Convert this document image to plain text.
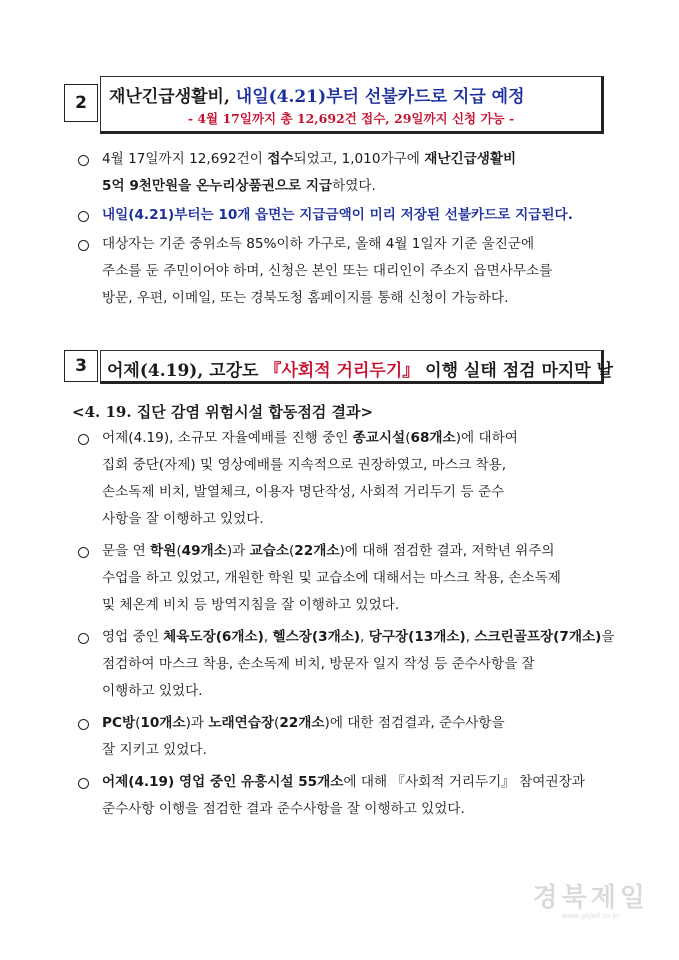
2	재난긴급생활비, 내일(4.21)부터 선불카드로 지급 예정
- 4월 17일까지 총 12,692건 접수, 29일까지 신청 가능 -
4월 17일까지 12,692건이 접수되었고, 1,010가구에 재난긴급생활비
5억 9천만원을 온누리상품권으로 지급하였다.
내일(4.21)부터는 10개 읍면는 지급금액이 미리 저장된 선불카드로 지급된다.
대상자는 기준 중위소득 85%이하 가구로, 올해 4월 1일자 기준 울진군에
주소를 둔 주민이어야 하며, 신청은 본인 또는 대리인이 주소지 읍면사무소를
방문, 우편, 이메일, 또는 경북도청 홈페이지를 통해 신청이 가능하다.
3	어제(4.19), 고강도 『사회적 거리두기』 이행 실태 점검 마지막 날
<4. 19. 집단 감염 위험시설 합동점검 결과>
어제(4.19), 소규모 자율예배를 진행 중인 종교시설(68개소)에 대하여
집회 중단(자제) 및 영상예배를 지속적으로 권장하였고, 마스크 착용,
손소독제 비치, 발열체크, 이용자 명단작성, 사회적 거리두기 등 준수
사항을 잘 이행하고 있었다.
문을 연 학원(49개소)과 교습소(22개소)에 대해 점검한 결과, 저학년 위주의
수업을 하고 있었고, 개원한 학원 및 교습소에 대해서는 마스크 착용, 손소독제
및 체온계 비치 등 방역지침을 잘 이행하고 있었다.
영업 중인 체육도장(6개소), 헬스장(3개소), 당구장(13개소), 스크린골프장(7개소)을
점검하여 마스크 착용, 손소독제 비치, 방문자 일지 작성 등 준수사항을 잘
이행하고 있었다.
PC방(10개소)과 노래연습장(22개소)에 대한 점검결과, 준수사항을
잘 지키고 있었다.
어제(4.19) 영업 중인 유흥시설 55개소에 대해 『사회적 거리두기』 참여권장과
준수사항 이행을 점검한 결과 준수사항을 잘 이행하고 있었다.
경북제일
www.gbjeil.co.kr
